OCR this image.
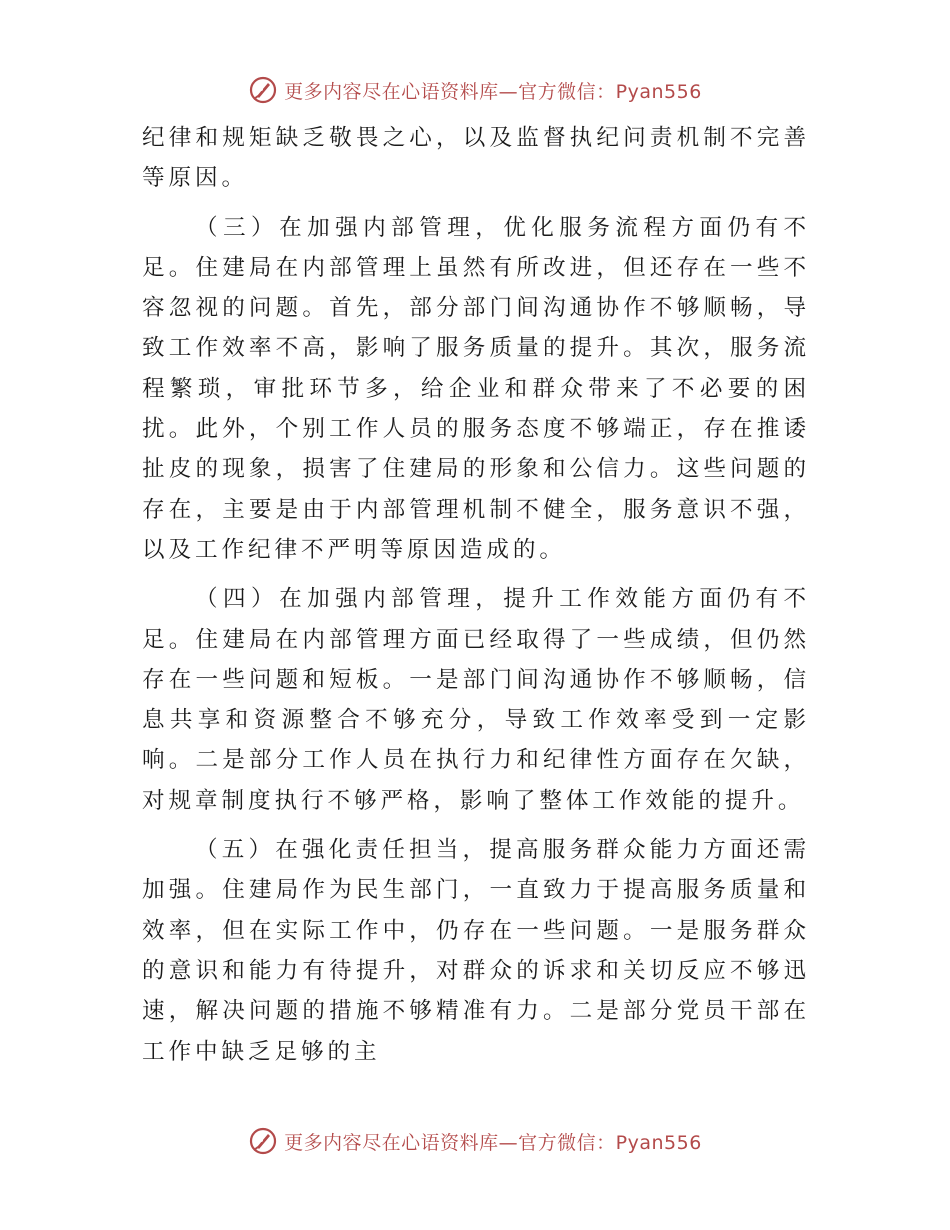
更多内容尽在心语资料库—官方微信：Pyan556

纪律和规矩缺乏敬畏之心，以及监督执纪问责机制不完善等原因。

（三）在加强内部管理，优化服务流程方面仍有不足。住建局在内部管理上虽然有所改进，但还存在一些不容忽视的问题。首先，部分部门间沟通协作不够顺畅，导致工作效率不高，影响了服务质量的提升。其次，服务流程繁琐，审批环节多，给企业和群众带来了不必要的困扰。此外，个别工作人员的服务态度不够端正，存在推诿扯皮的现象，损害了住建局的形象和公信力。这些问题的存在，主要是由于内部管理机制不健全，服务意识不强，以及工作纪律不严明等原因造成的。

（四）在加强内部管理，提升工作效能方面仍有不足。住建局在内部管理方面已经取得了一些成绩，但仍然存在一些问题和短板。一是部门间沟通协作不够顺畅，信息共享和资源整合不够充分，导致工作效率受到一定影响。二是部分工作人员在执行力和纪律性方面存在欠缺，对规章制度执行不够严格，影响了整体工作效能的提升。

（五）在强化责任担当，提高服务群众能力方面还需加强。住建局作为民生部门，一直致力于提高服务质量和效率，但在实际工作中，仍存在一些问题。一是服务群众的意识和能力有待提升，对群众的诉求和关切反应不够迅速，解决问题的措施不够精准有力。二是部分党员干部在工作中缺乏足够的主

更多内容尽在心语资料库—官方微信：Pyan556
